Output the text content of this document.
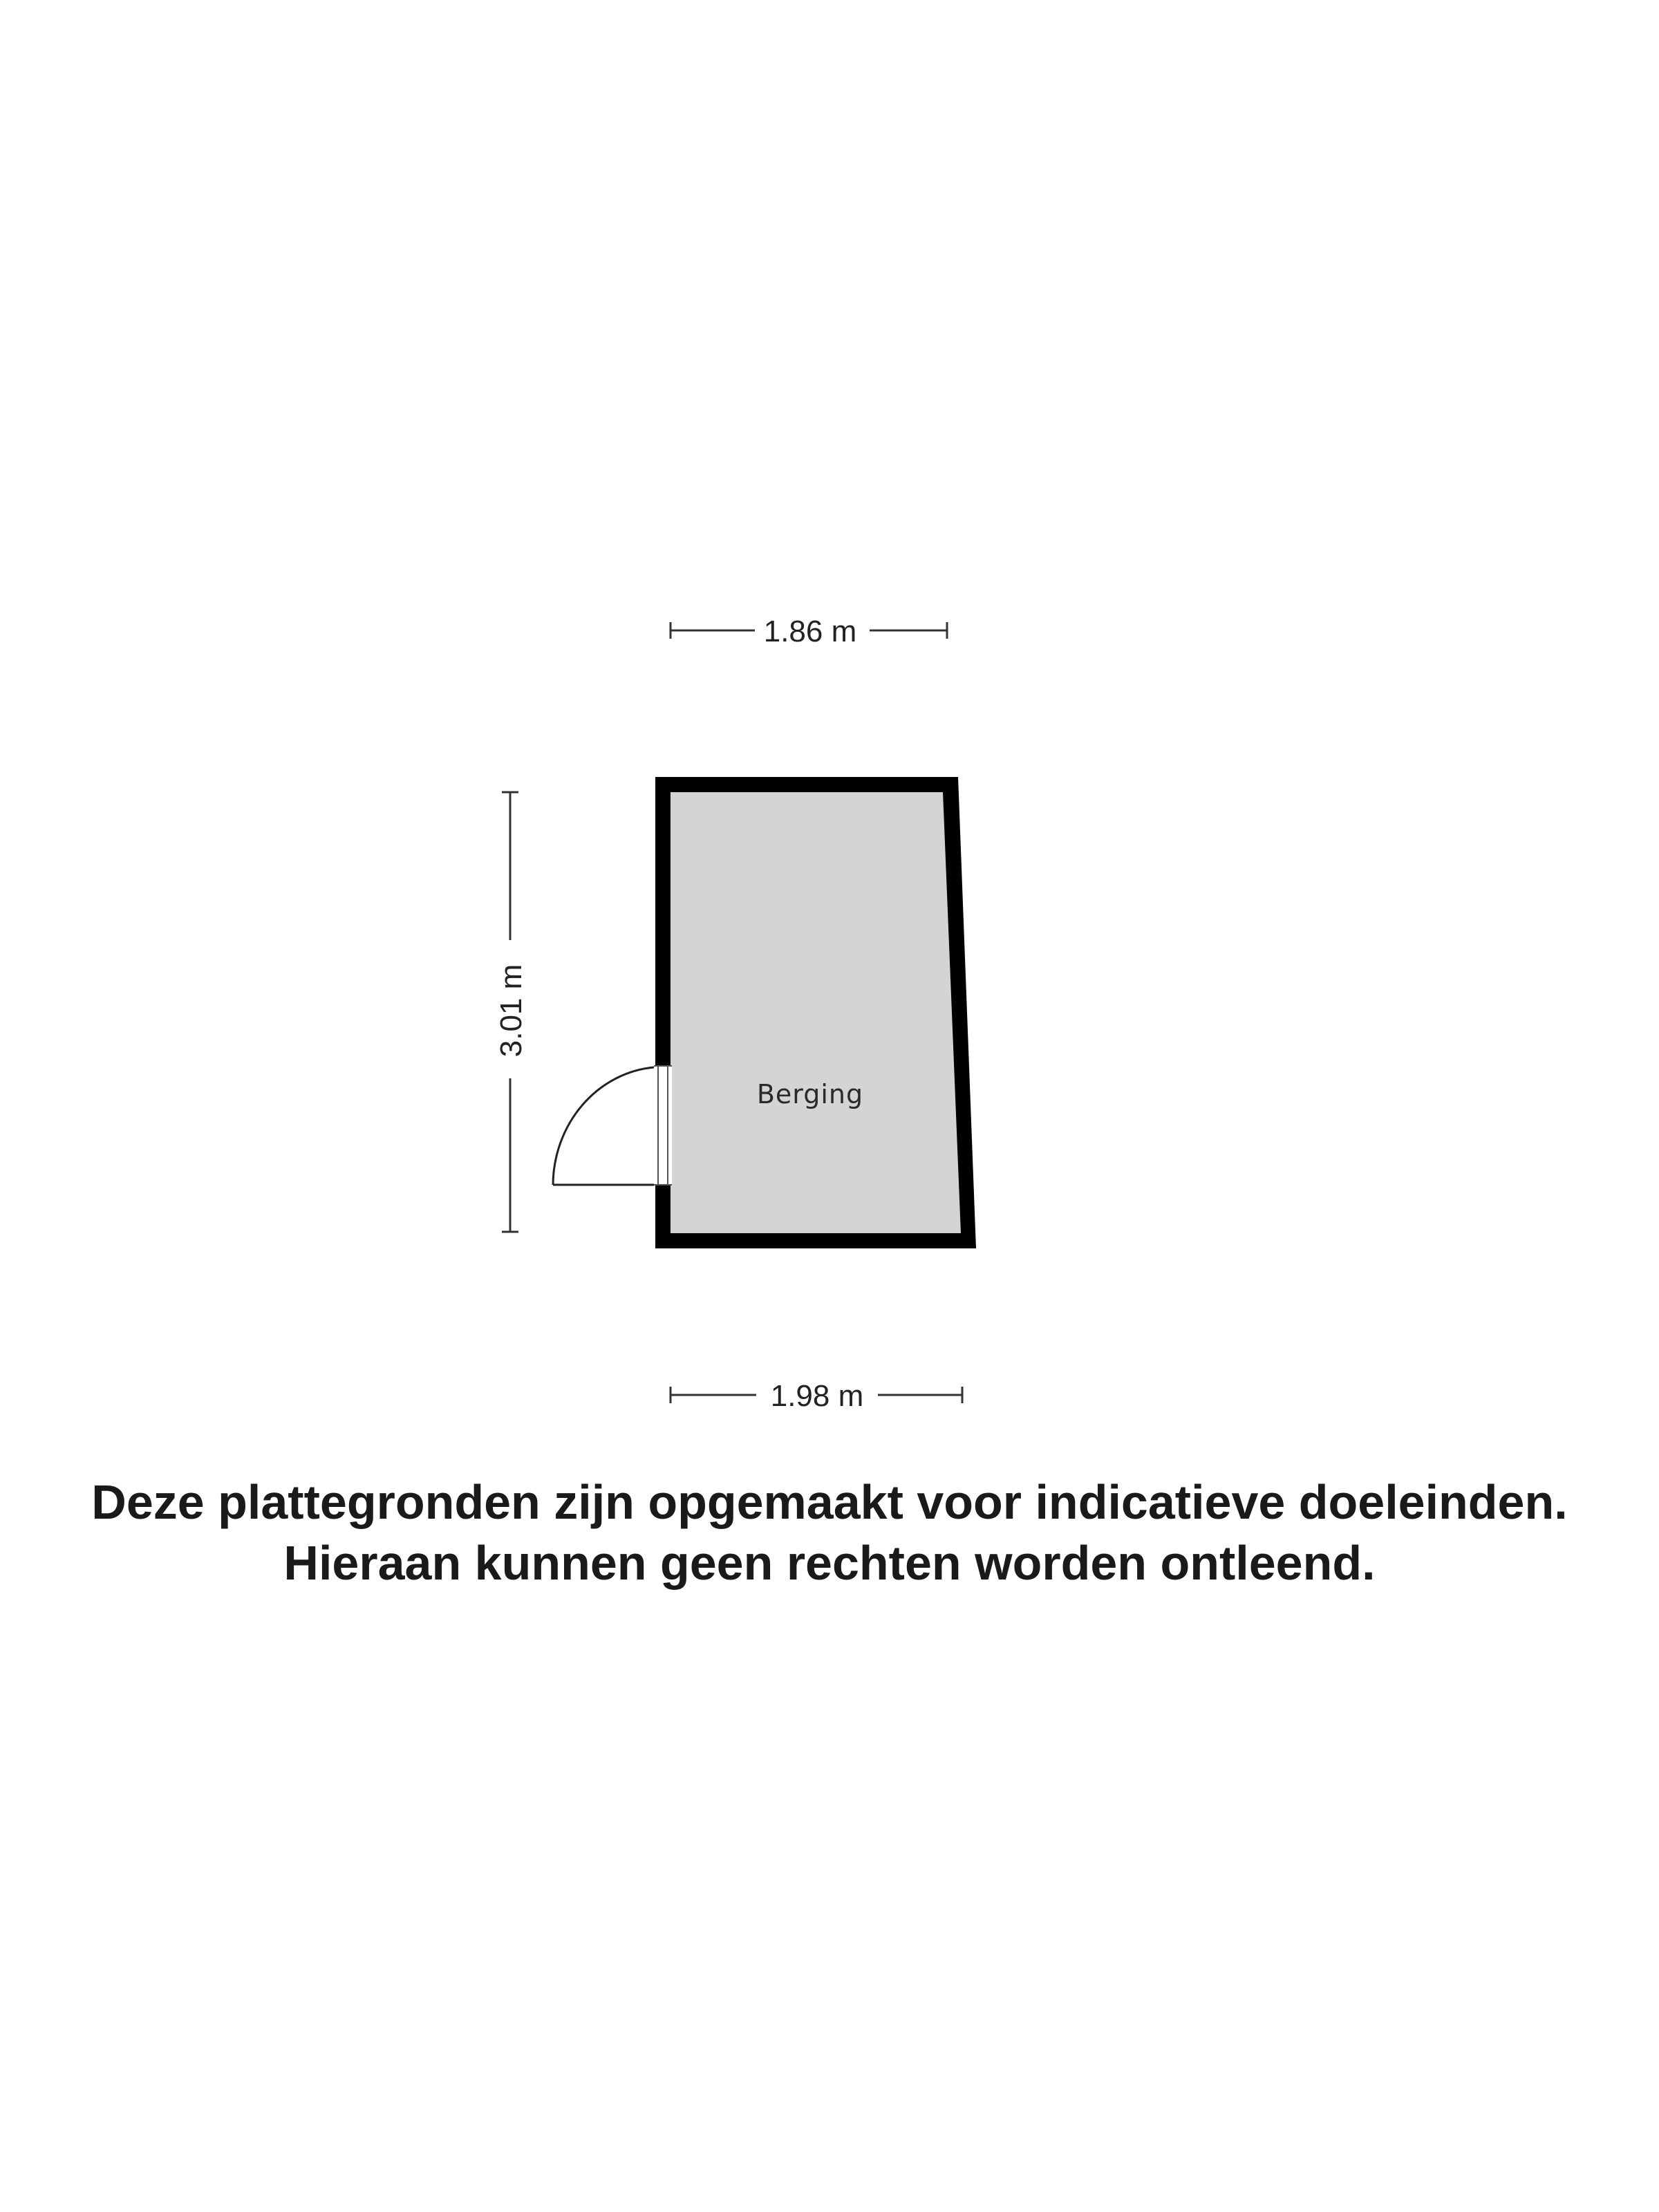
1.86 m
3.01 m
Berging
1.98 m
Deze plattegronden zijn opgemaakt voor indicatieve doeleinden.
Hieraan kunnen geen rechten worden ontleend.
